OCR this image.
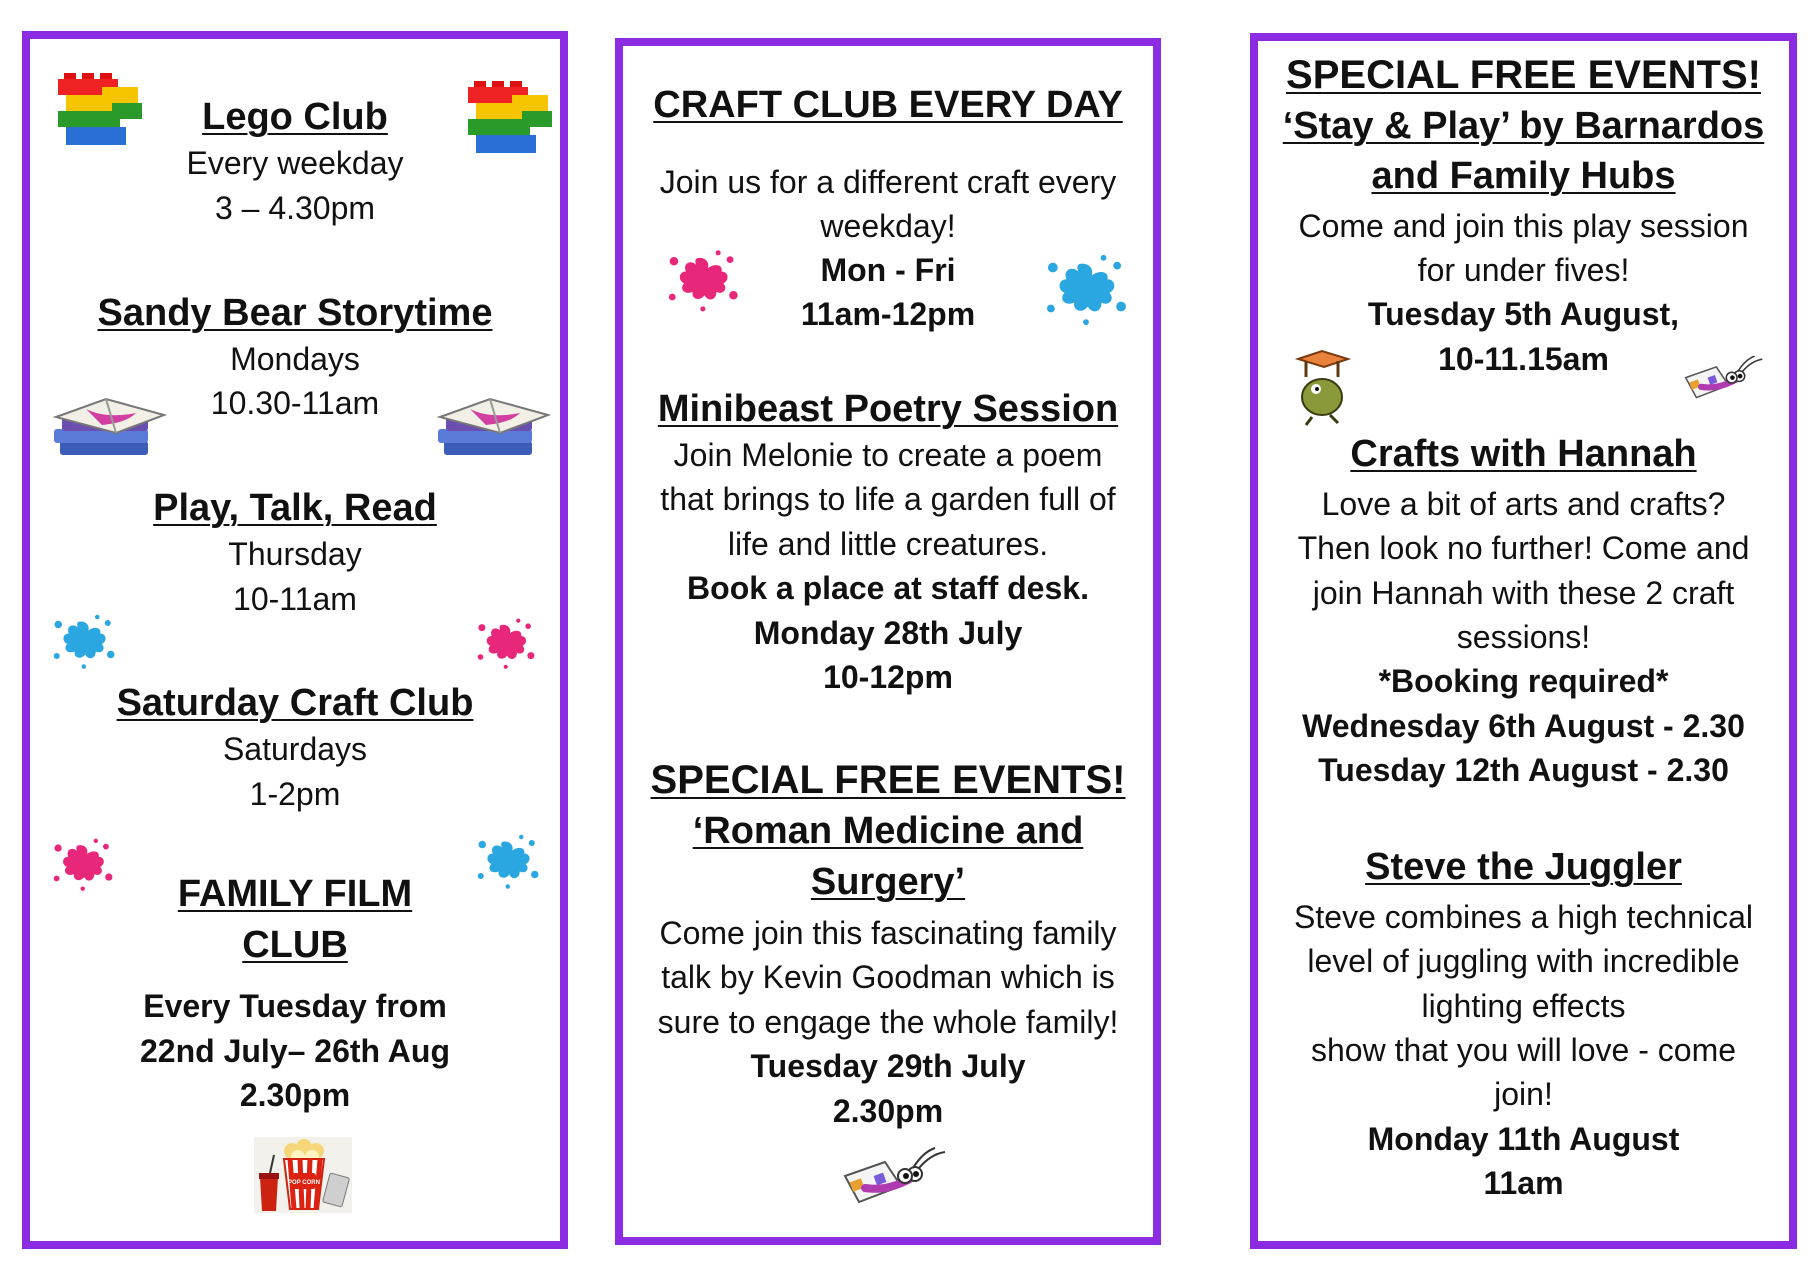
Lego Club

Every weekday

3 – 4.30pm

Sandy Bear Storytime

Mondays

10.30-11am

Play, Talk, Read

Thursday

10-11am

Saturday Craft Club

Saturdays

1-2pm

FAMILY FILM

CLUB

Every Tuesday from

22nd July– 26th Aug

2.30pm

POP CORN

CRAFT CLUB EVERY DAY

Join us for a different craft every

weekday!

Mon - Fri

11am-12pm

Minibeast Poetry Session

Join Melonie to create a poem

that brings to life a garden full of

life and little creatures.

Book a place at staff desk.

Monday 28th July

10-12pm

SPECIAL FREE EVENTS!

‘Roman Medicine and

Surgery’

Come join this fascinating family

talk by Kevin Goodman which is

sure to engage the whole family!

Tuesday 29th July

2.30pm

SPECIAL FREE EVENTS!

‘Stay & Play’ by Barnardos

and Family Hubs

Come and join this play session

for under fives!

Tuesday 5th August,

10-11.15am

Crafts with Hannah

Love a bit of arts and crafts?

Then look no further! Come and

join Hannah with these 2 craft

sessions!

*Booking required*

Wednesday 6th August - 2.30

Tuesday 12th August - 2.30

Steve the Juggler

Steve combines a high technical

level of juggling with incredible

lighting effects

show that you will love - come

join!

Monday 11th August

11am
